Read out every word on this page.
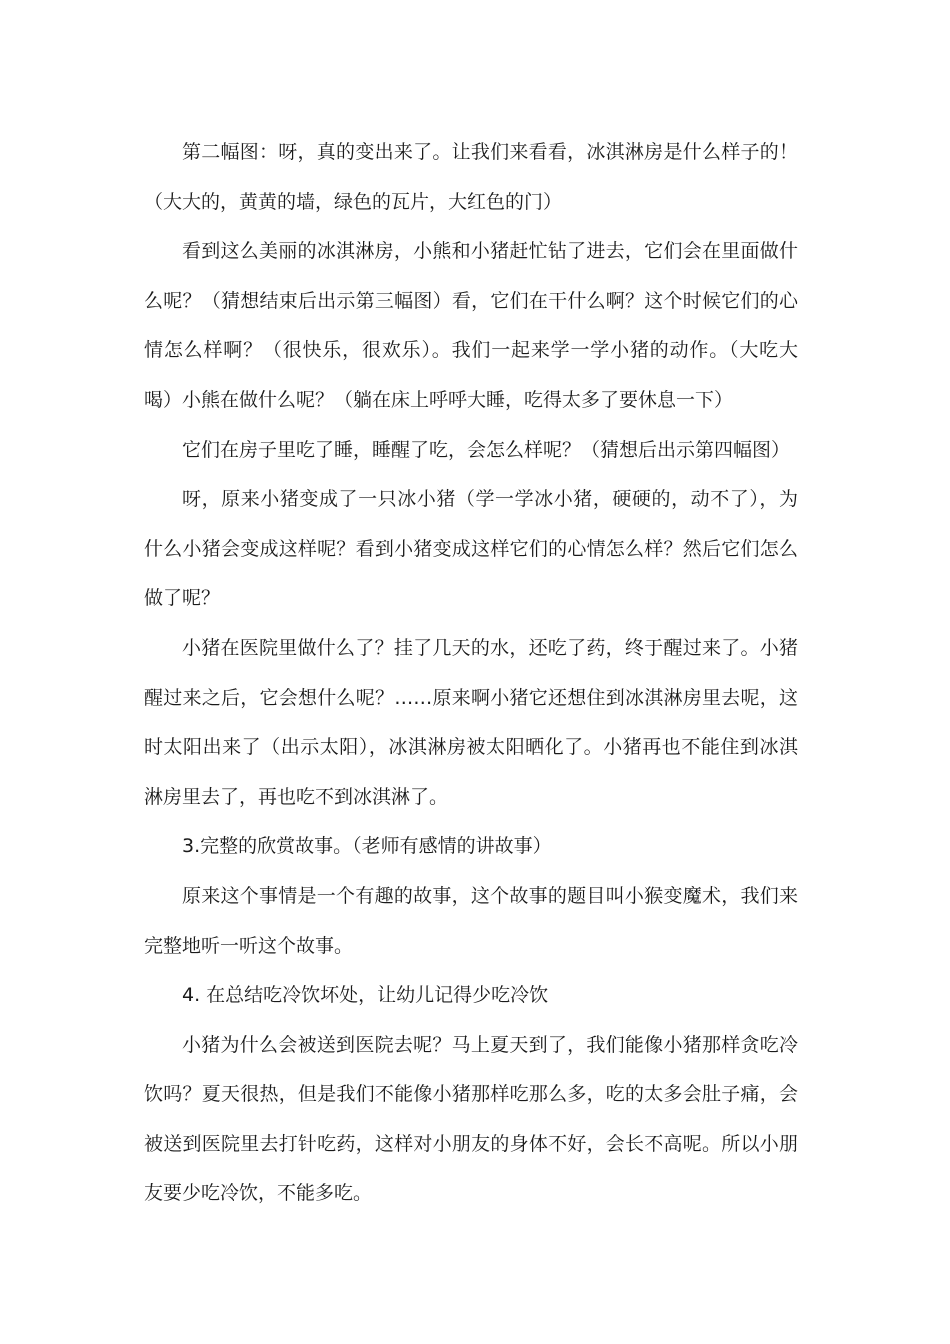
第二幅图：呀，真的变出来了。让我们来看看，冰淇淋房是什么样子的！（大大的，黄黄的墙，绿色的瓦片，大红色的门）

看到这么美丽的冰淇淋房，小熊和小猪赶忙钻了进去，它们会在里面做什么呢？（猜想结束后出示第三幅图）看，它们在干什么啊？这个时候它们的心情怎么样啊？（很快乐，很欢乐）。我们一起来学一学小猪的动作。（大吃大喝）小熊在做什么呢？（躺在床上呼呼大睡，吃得太多了要休息一下）

它们在房子里吃了睡，睡醒了吃，会怎么样呢？（猜想后出示第四幅图）

呀，原来小猪变成了一只冰小猪（学一学冰小猪，硬硬的，动不了），为什么小猪会变成这样呢？看到小猪变成这样它们的心情怎么样？然后它们怎么做了呢？

小猪在医院里做什么了？挂了几天的水，还吃了药，终于醒过来了。小猪醒过来之后，它会想什么呢？……原来啊小猪它还想住到冰淇淋房里去呢，这时太阳出来了（出示太阳），冰淇淋房被太阳晒化了。小猪再也不能住到冰淇淋房里去了，再也吃不到冰淇淋了。

3.完整的欣赏故事。（老师有感情的讲故事）

原来这个事情是一个有趣的故事，这个故事的题目叫小猴变魔术，我们来完整地听一听这个故事。

4. 在总结吃冷饮坏处，让幼儿记得少吃冷饮

小猪为什么会被送到医院去呢？马上夏天到了，我们能像小猪那样贪吃冷饮吗？夏天很热，但是我们不能像小猪那样吃那么多，吃的太多会肚子痛，会被送到医院里去打针吃药，这样对小朋友的身体不好，会长不高呢。所以小朋友要少吃冷饮，不能多吃。
